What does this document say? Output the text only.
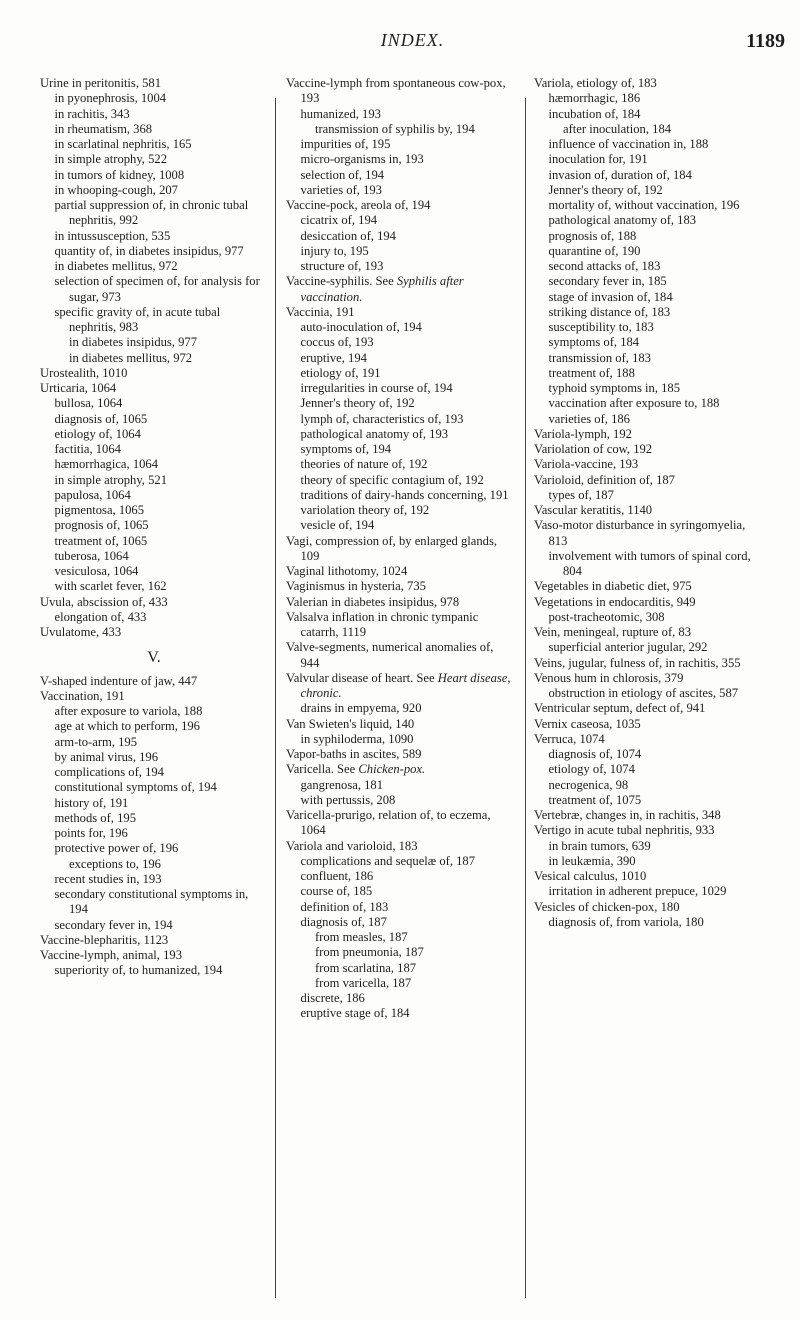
INDEX.	1189
Urine in peritonitis, 581
in pyonephrosis, 1004
in rachitis, 343
in rheumatism, 368
in scarlatinal nephritis, 165
in simple atrophy, 522
in tumors of kidney, 1008
in whooping-cough, 207
partial suppression of, in chronic tubal nephritis, 992
in intussusception, 535
quantity of, in diabetes insipidus, 977
in diabetes mellitus, 972
selection of specimen of, for analysis for sugar, 973
specific gravity of, in acute tubal nephritis, 983
in diabetes insipidus, 977
in diabetes mellitus, 972
Urostealith, 1010
Urticaria, 1064
bullosa, 1064
diagnosis of, 1065
etiology of, 1064
factitia, 1064
hæmorrhagica, 1064
in simple atrophy, 521
papulosa, 1064
pigmentosa, 1065
prognosis of, 1065
treatment of, 1065
tuberosa, 1064
vesiculosa, 1064
with scarlet fever, 162
Uvula, abscission of, 433
elongation of, 433
Uvulatome, 433
V.
V-shaped indenture of jaw, 447
Vaccination, 191
after exposure to variola, 188
age at which to perform, 196
arm-to-arm, 195
by animal virus, 196
complications of, 194
constitutional symptoms of, 194
history of, 191
methods of, 195
points for, 196
protective power of, 196
exceptions to, 196
recent studies in, 193
secondary constitutional symptoms in, 194
secondary fever in, 194
Vaccine-blepharitis, 1123
Vaccine-lymph, animal, 193
superiority of, to humanized, 194
Vaccine-lymph from spontaneous cow-pox, 193
humanized, 193
transmission of syphilis by, 194
impurities of, 195
micro-organisms in, 193
selection of, 194
varieties of, 193
Vaccine-pock, areola of, 194
cicatrix of, 194
desiccation of, 194
injury to, 195
structure of, 193
Vaccine-syphilis. See Syphilis after vaccination.
Vaccinia, 191
auto-inoculation of, 194
coccus of, 193
eruptive, 194
etiology of, 191
irregularities in course of, 194
Jenner's theory of, 192
lymph of, characteristics of, 193
pathological anatomy of, 193
symptoms of, 194
theories of nature of, 192
theory of specific contagium of, 192
traditions of dairy-hands concerning, 191
variolation theory of, 192
vesicle of, 194
Vagi, compression of, by enlarged glands, 109
Vaginal lithotomy, 1024
Vaginismus in hysteria, 735
Valerian in diabetes insipidus, 978
Valsalva inflation in chronic tympanic catarrh, 1119
Valve-segments, numerical anomalies of, 944
Valvular disease of heart. See Heart disease, chronic.
drains in empyema, 920
Van Swieten's liquid, 140
in syphiloderma, 1090
Vapor-baths in ascites, 589
Varicella. See Chicken-pox.
gangrenosa, 181
with pertussis, 208
Varicella-prurigo, relation of, to eczema, 1064
Variola and varioloid, 183
complications and sequelæ of, 187
confluent, 186
course of, 185
definition of, 183
diagnosis of, 187
from measles, 187
from pneumonia, 187
from scarlatina, 187
from varicella, 187
discrete, 186
eruptive stage of, 184
Variola, etiology of, 183
hæmorrhagic, 186
incubation of, 184
after inoculation, 184
influence of vaccination in, 188
inoculation for, 191
invasion of, duration of, 184
Jenner's theory of, 192
mortality of, without vaccination, 196
pathological anatomy of, 183
prognosis of, 188
quarantine of, 190
second attacks of, 183
secondary fever in, 185
stage of invasion of, 184
striking distance of, 183
susceptibility to, 183
symptoms of, 184
transmission of, 183
treatment of, 188
typhoid symptoms in, 185
vaccination after exposure to, 188
varieties of, 186
Variola-lymph, 192
Variolation of cow, 192
Variola-vaccine, 193
Varioloid, definition of, 187
types of, 187
Vascular keratitis, 1140
Vaso-motor disturbance in syringomyelia, 813
involvement with tumors of spinal cord, 804
Vegetables in diabetic diet, 975
Vegetations in endocarditis, 949
post-tracheotomic, 308
Vein, meningeal, rupture of, 83
superficial anterior jugular, 292
Veins, jugular, fulness of, in rachitis, 355
Venous hum in chlorosis, 379
obstruction in etiology of ascites, 587
Ventricular septum, defect of, 941
Vernix caseosa, 1035
Verruca, 1074
diagnosis of, 1074
etiology of, 1074
necrogenica, 98
treatment of, 1075
Vertebræ, changes in, in rachitis, 348
Vertigo in acute tubal nephritis, 933
in brain tumors, 639
in leukæmia, 390
Vesical calculus, 1010
irritation in adherent prepuce, 1029
Vesicles of chicken-pox, 180
diagnosis of, from variola, 180
